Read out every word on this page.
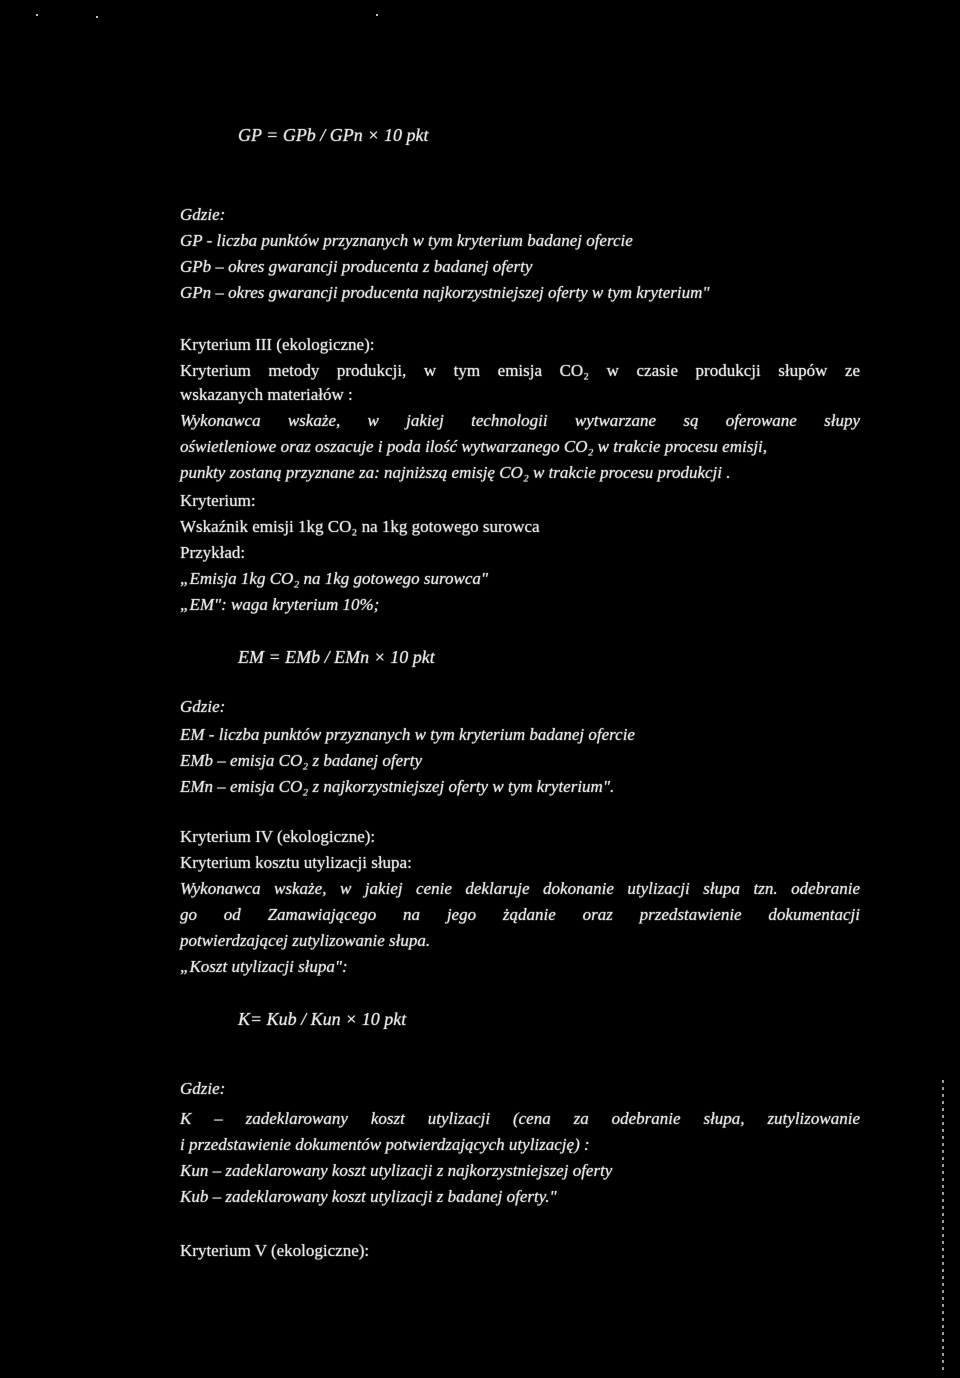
GP = GPb / GPn × 10 pkt
Gdzie:
GP - liczba punktów przyznanych w tym kryterium badanej ofercie
GPb – okres gwarancji producenta z badanej oferty
GPn – okres gwarancji producenta najkorzystniejszej oferty w tym kryterium"
Kryterium III (ekologiczne):
Kryterium metody produkcji, w tym emisja CO₂ w czasie produkcji słupów ze
wskazanych materiałów :
Wykonawca wskaże, w jakiej technologii wytwarzane są oferowane słupy
oświetleniowe oraz oszacuje i poda ilość wytwarzanego CO₂ w trakcie procesu emisji,
punkty zostaną przyznane za: najniższą emisję CO₂ w trakcie procesu produkcji .
Kryterium:
Wskaźnik emisji 1kg CO₂ na 1kg gotowego surowca
Przykład:
„Emisja 1kg CO₂ na 1kg gotowego surowca"
„EM": waga kryterium 10%;
EM = EMb / EMn × 10 pkt
Gdzie:
EM - liczba punktów przyznanych w tym kryterium badanej ofercie
EMb – emisja CO₂ z badanej oferty
EMn – emisja CO₂ z najkorzystniejszej oferty w tym kryterium".
Kryterium IV (ekologiczne):
Kryterium kosztu utylizacji słupa:
Wykonawca wskaże, w jakiej cenie deklaruje dokonanie utylizacji słupa tzn. odebranie
go od Zamawiającego na jego żądanie oraz przedstawienie dokumentacji
potwierdzającej zutylizowanie słupa.
„Koszt utylizacji słupa":
K= Kub / Kun × 10 pkt
Gdzie:
K – zadeklarowany koszt utylizacji (cena za odebranie słupa, zutylizowanie
i przedstawienie dokumentów potwierdzających utylizację) :
Kun – zadeklarowany koszt utylizacji z najkorzystniejszej oferty
Kub – zadeklarowany koszt utylizacji z badanej oferty."
Kryterium V (ekologiczne):
